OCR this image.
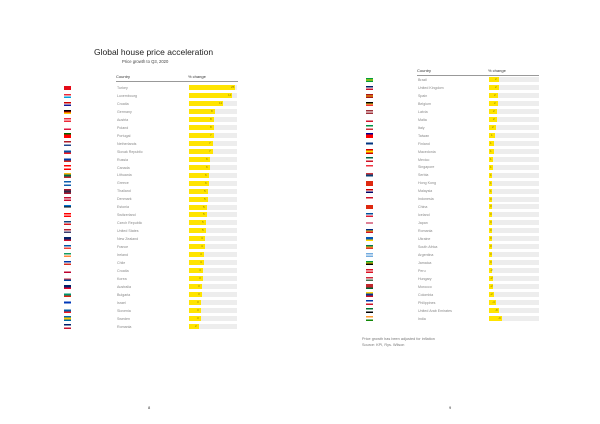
Global house price acceleration
Price growth to Q3, 2020
Country	% change
Turkey	25
Luxembourg	14
Croatia	11
Germany	8
Austria	8
Poland	8
Portugal	7
Netherlands	7
Slovak Republic	7
Russia	6
Canada	6
Lithuania	6
Greece	6
Thailand	5
Denmark	5
Estonia	5
Switzerland	5
Czech Republic	5
United States	5
New Zealand	4
France	4
Ireland	4
Chile	4
Croatia	4
Korea	3
Australia	3
Bulgaria	3
Israel	3
Slovenia	3
Sweden	3
Romania	2
8
Country	% change
Brazil	2
United Kingdom	2
Spain	2
Belgium	2
Latvia	2
Malta	2
Italy	2
Taiwan	1
Finland	1
Macedonia	1
Mexico	1
Singapore	1
Serbia	1
Hong Kong	1
Malaysia	1
Indonesia	0
China	0
Iceland	0
Japan	0
Romania	0
Ukraine	0
South Africa	0
Argentina	0
Jamaica	0
Peru	-2
Hungary	-2
Morocco	-2
Colombia	-2
Philippines	-4
United Arab Emirates	-8
India	-9
9
Price growth has been adjusted for inflation
Source: KPI, Rys. Wilson
